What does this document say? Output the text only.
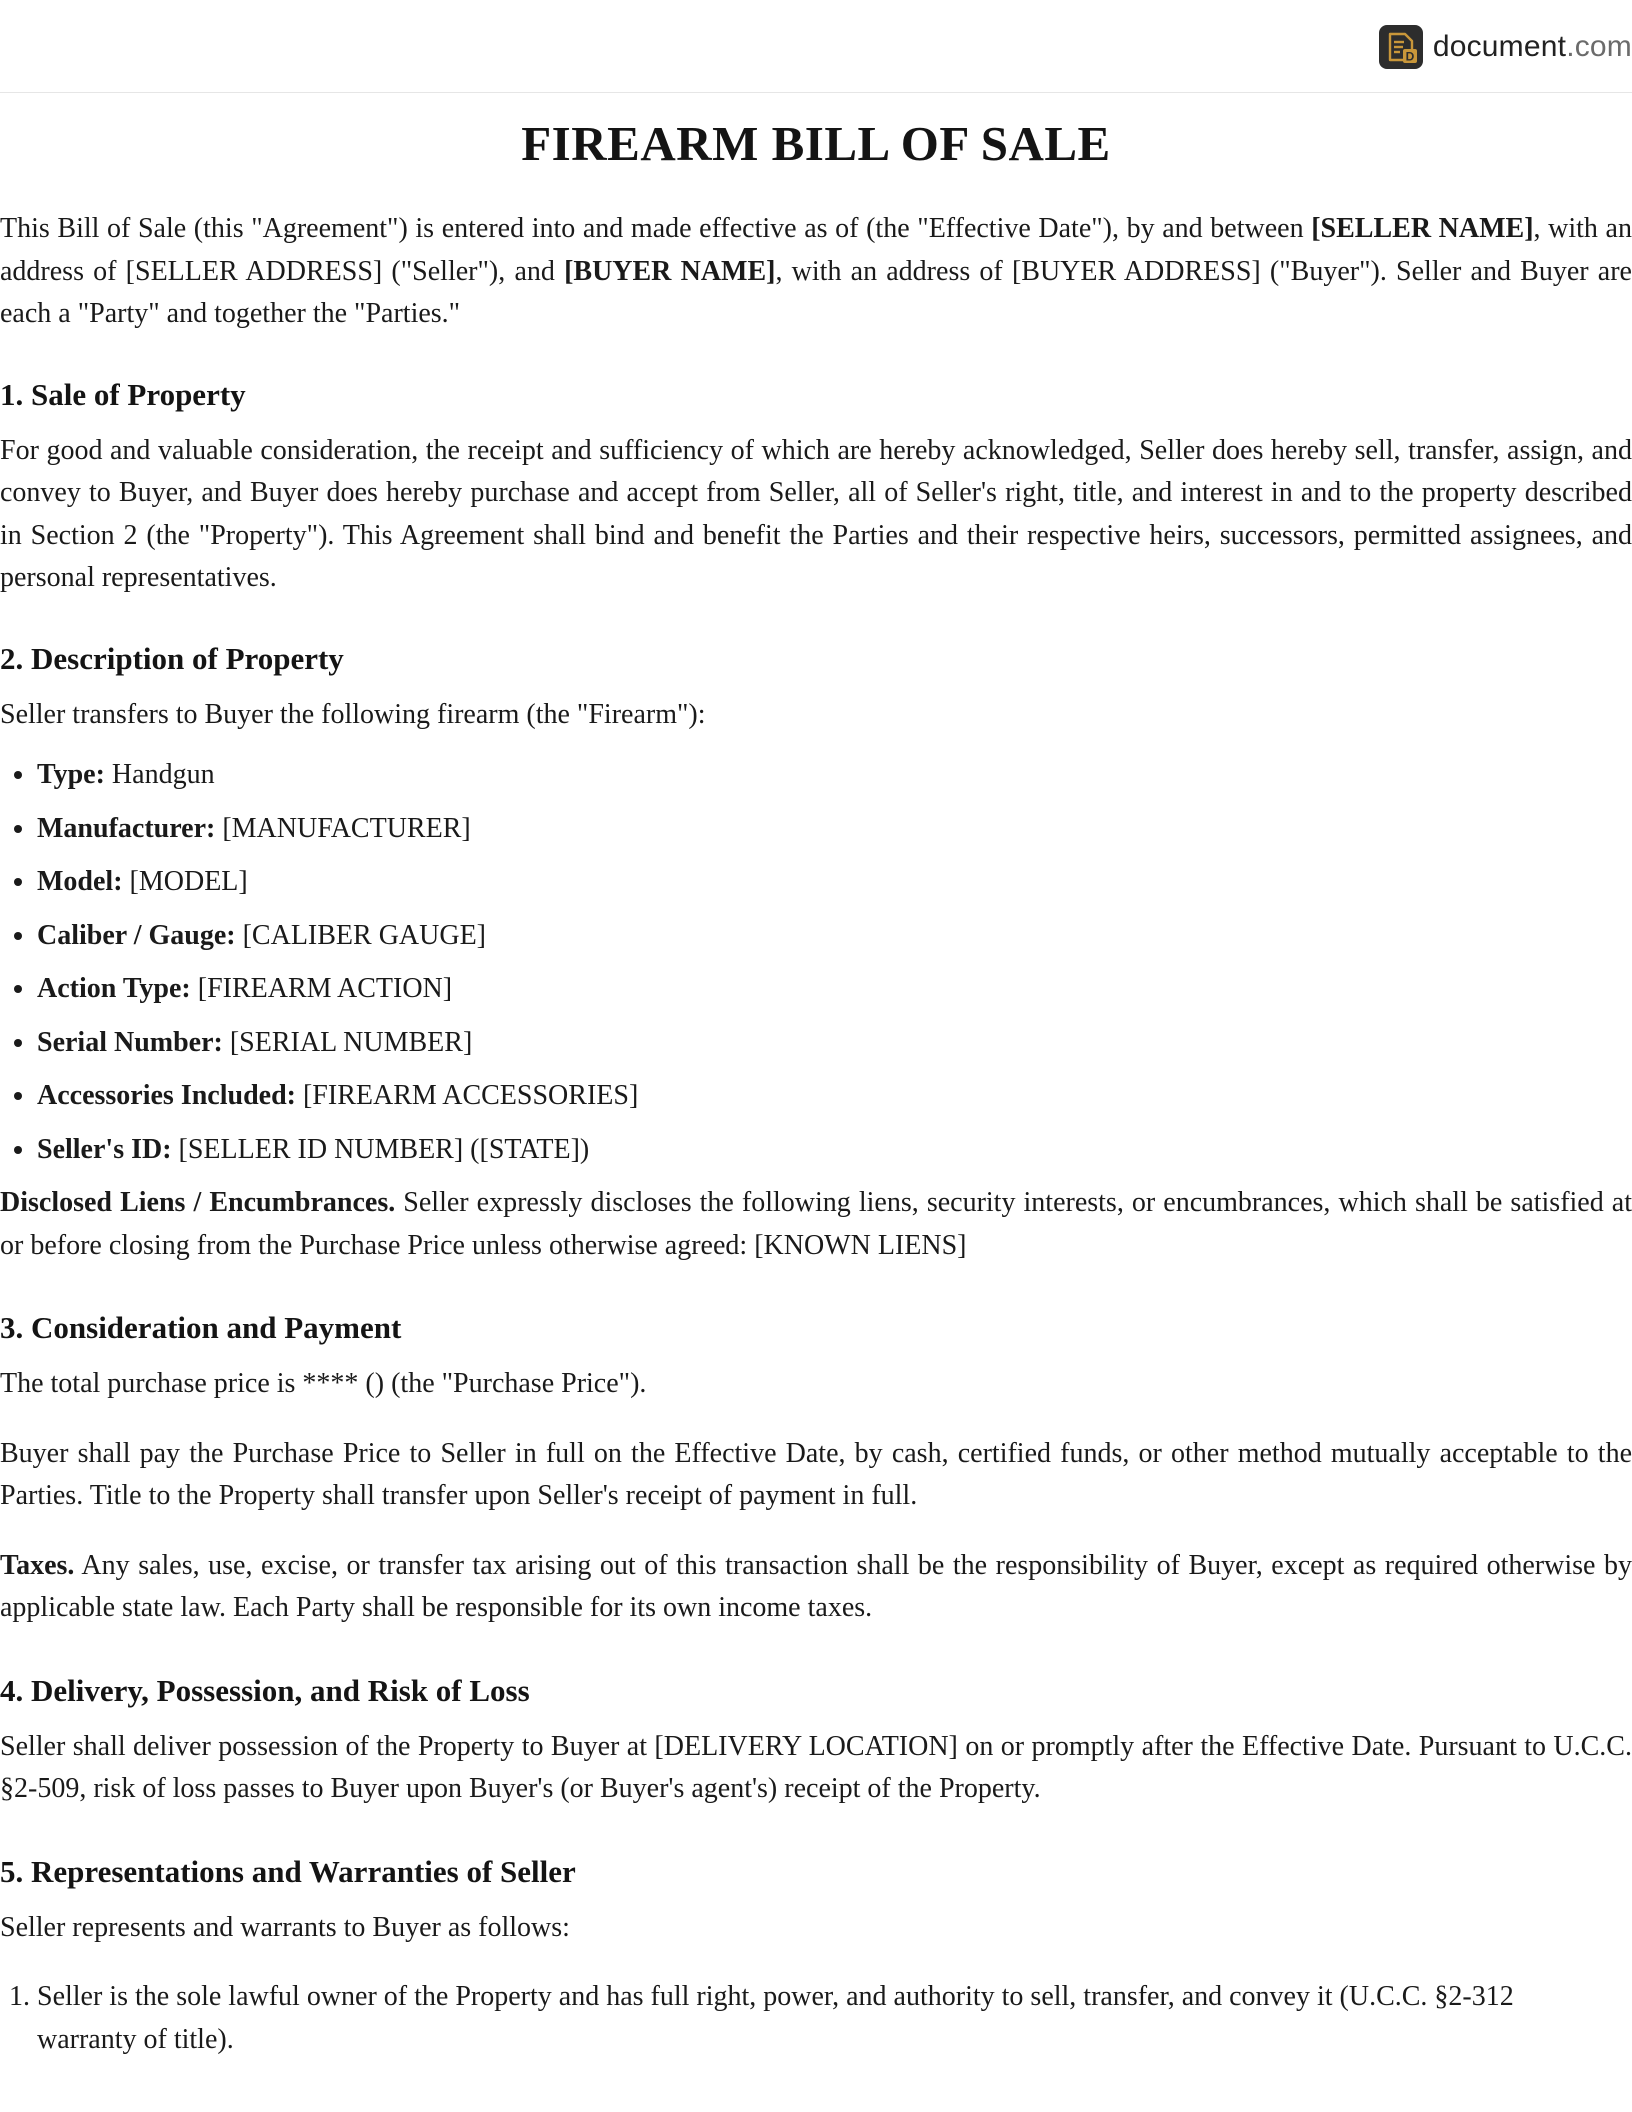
D document.com
FIREARM BILL OF SALE

This Bill of Sale (this "Agreement") is entered into and made effective as of (the "Effective Date"), by and between [SELLER NAME], with an address of [SELLER ADDRESS] ("Seller"), and [BUYER NAME], with an address of [BUYER ADDRESS] ("Buyer"). Seller and Buyer are each a "Party" and together the "Parties."

1. Sale of Property

For good and valuable consideration, the receipt and sufficiency of which are hereby acknowledged, Seller does hereby sell, transfer, assign, and convey to Buyer, and Buyer does hereby purchase and accept from Seller, all of Seller's right, title, and interest in and to the property described in Section 2 (the "Property"). This Agreement shall bind and benefit the Parties and their respective heirs, successors, permitted assignees, and personal representatives.

2. Description of Property

Seller transfers to Buyer the following firearm (the "Firearm"):

• Type: Handgun
• Manufacturer: [MANUFACTURER]
• Model: [MODEL]
• Caliber / Gauge: [CALIBER GAUGE]
• Action Type: [FIREARM ACTION]
• Serial Number: [SERIAL NUMBER]
• Accessories Included: [FIREARM ACCESSORIES]
• Seller's ID: [SELLER ID NUMBER] ([STATE])

Disclosed Liens / Encumbrances. Seller expressly discloses the following liens, security interests, or encumbrances, which shall be satisfied at or before closing from the Purchase Price unless otherwise agreed: [KNOWN LIENS]

3. Consideration and Payment

The total purchase price is **** () (the "Purchase Price").

Buyer shall pay the Purchase Price to Seller in full on the Effective Date, by cash, certified funds, or other method mutually acceptable to the Parties. Title to the Property shall transfer upon Seller's receipt of payment in full.

Taxes. Any sales, use, excise, or transfer tax arising out of this transaction shall be the responsibility of Buyer, except as required otherwise by applicable state law. Each Party shall be responsible for its own income taxes.

4. Delivery, Possession, and Risk of Loss

Seller shall deliver possession of the Property to Buyer at [DELIVERY LOCATION] on or promptly after the Effective Date. Pursuant to U.C.C. §2-509, risk of loss passes to Buyer upon Buyer's (or Buyer's agent's) receipt of the Property.

5. Representations and Warranties of Seller

Seller represents and warrants to Buyer as follows:

1. Seller is the sole lawful owner of the Property and has full right, power, and authority to sell, transfer, and convey it (U.C.C. §2-312 warranty of title).
